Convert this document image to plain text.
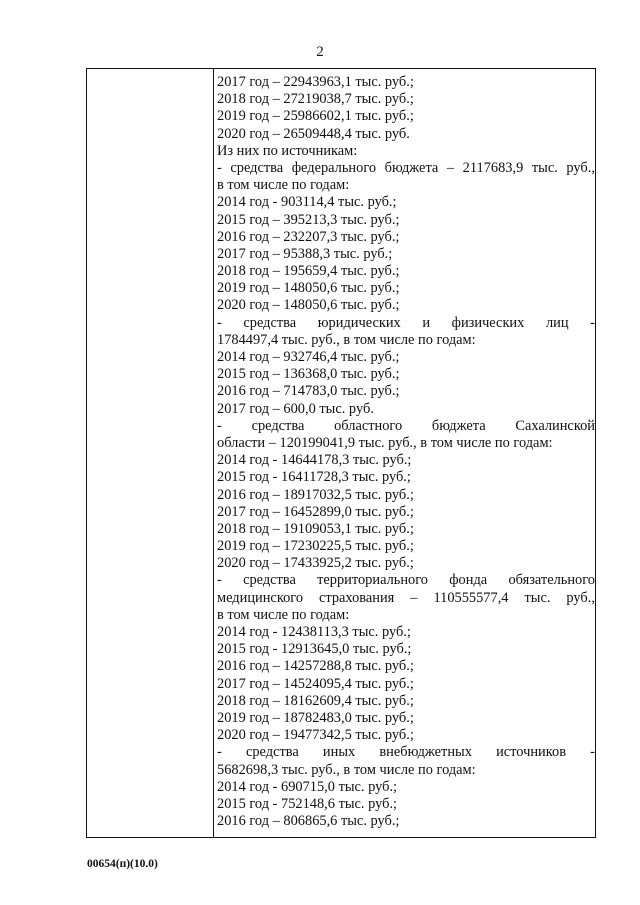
2
2017 год – 22943963,1 тыс. руб.;
2018 год – 27219038,7 тыс. руб.;
2019 год – 25986602,1 тыс. руб.;
2020 год – 26509448,4 тыс. руб.
Из них по источникам:
- средства федерального бюджета – 2117683,9 тыс. руб.,
в том числе по годам:
2014 год - 903114,4 тыс. руб.;
2015 год – 395213,3 тыс. руб.;
2016 год – 232207,3 тыс. руб.;
2017 год – 95388,3 тыс. руб.;
2018 год – 195659,4 тыс. руб.;
2019 год – 148050,6 тыс. руб.;
2020 год – 148050,6 тыс. руб.;
- средства юридических и физических лиц -
1784497,4 тыс. руб., в том числе по годам:
2014 год – 932746,4 тыс. руб.;
2015 год – 136368,0 тыс. руб.;
2016 год – 714783,0 тыс. руб.;
2017 год – 600,0 тыс. руб.
- средства областного бюджета Сахалинской
области – 120199041,9 тыс. руб., в том числе по годам:
2014 год - 14644178,3 тыс. руб.;
2015 год - 16411728,3 тыс. руб.;
2016 год – 18917032,5 тыс. руб.;
2017 год – 16452899,0 тыс. руб.;
2018 год – 19109053,1 тыс. руб.;
2019 год – 17230225,5 тыс. руб.;
2020 год – 17433925,2 тыс. руб.;
- средства территориального фонда обязательного
медицинского страхования – 110555577,4 тыс. руб.,
в том числе по годам:
2014 год - 12438113,3 тыс. руб.;
2015 год - 12913645,0 тыс. руб.;
2016 год – 14257288,8 тыс. руб.;
2017 год – 14524095,4 тыс. руб.;
2018 год – 18162609,4 тыс. руб.;
2019 год – 18782483,0 тыс. руб.;
2020 год – 19477342,5 тыс. руб.;
- средства иных внебюджетных источников -
5682698,3 тыс. руб., в том числе по годам:
2014 год - 690715,0 тыс. руб.;
2015 год - 752148,6 тыс. руб.;
2016 год – 806865,6 тыс. руб.;
00654(п)(10.0)
